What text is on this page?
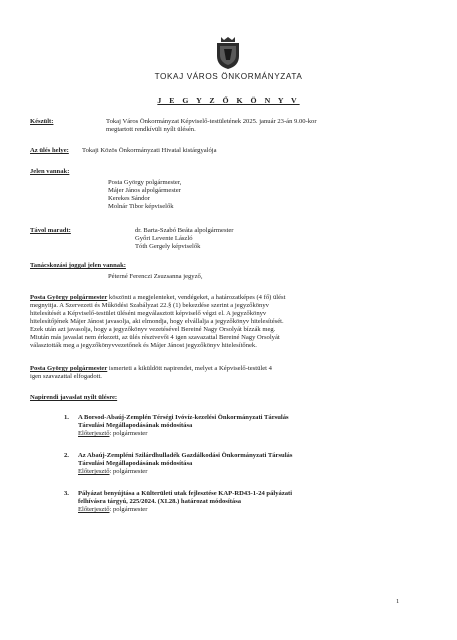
TOKAJ VÁROS ÖNKORMÁNYZATA
J E G Y Z Ő K Ö N Y V
Készült:	Tokaj Város Önkormányzat Képviselő-testületének 2025. január 23-án 9.00-kor
megtartott rendkívüli nyílt ülésén.
Az ülés helye: Tokaji Közös Önkormányzati Hivatal kistárgyalója
Jelen vannak:
Posta György polgármester,
Májer János alpolgármester
Kerekes Sándor
Molnár Tibor képviselők
Távol maradt:	dr. Barta-Szabó Beáta alpolgármester
Győri Levente László
Tóth Gergely képviselők
Tanácskozási joggal jelen vannak:
Péterné Ferenczi Zsuzsanna jegyző,
Posta György polgármester köszönti a megjelenteket, vendégeket, a határozatképes (4 fő) ülést
megnyitja. A Szervezeti és Működési Szabályzat 22.§ (1) bekezdése szerint a jegyzőkönyv
hitelesítését a Képviselő-testület üléséni megválasztott képviselő végzi el. A jegyzőkönyv
hitelesítőjének Májer Jánost javasolja, aki elmondja, hogy elvállalja a jegyzőkönyv hitelesítését.
Ezek után azt javasolja, hogy a jegyzőkönyv vezetésével Bereiné Nagy Orsolyát bízzák meg.
Miután más javaslat nem érkezett, az ülés résztvevői 4 igen szavazattal Bereiné Nagy Orsolyát
választották meg a jegyzőkönyvvezetőnek és Májer Jánost jegyzőkönyv hitelesítőnek.
Posta György polgármester ismerteti a kiküldött napirendet, melyet a Képviselő-testület 4
igen szavazattal elfogadott.
Napirendi javaslat nyílt ülésre:
1. A Borsod-Abaúj-Zemplén Térségi Ivóvíz-kezelési Önkormányzati Társulás
Társulási Megállapodásának módosítása
Előterjesztő: polgármester
2. Az Abaúj-Zempléni Szilárdhulladék Gazdálkodási Önkormányzati Társulás
Társulási Megállapodásának módosítása
Előterjesztő: polgármester
3. Pályázat benyújtása a Külterületi utak fejlesztése KAP-RD43-1-24 pályázati
felhívásra tárgyú, 225/2024. (XI.28.) határozat módosítása
Előterjesztő: polgármester
1
